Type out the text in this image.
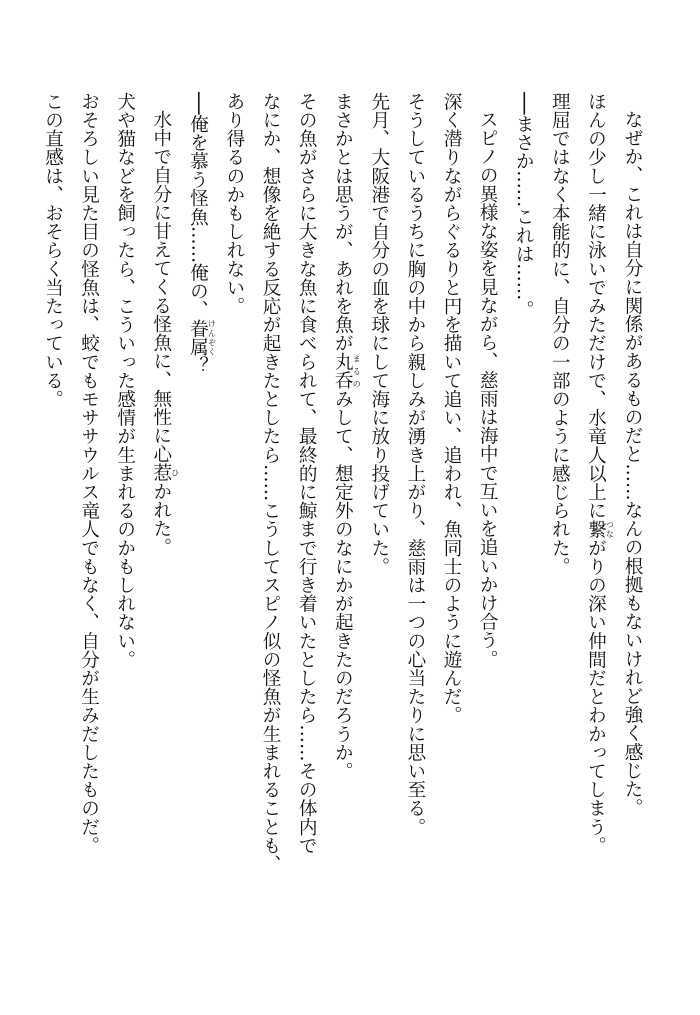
なぜか、これは自分に関係があるものだと……なんの根拠もないけれど強く感じた。

ほんの少し一緒に泳いでみただけで、水竜人以上に繋 つながりの深い仲間だとわかってしまう。

理屈ではなく本能的に、自分の一部のように感じられた。

──まさか……これは……。

スピノの異様な姿を見ながら、慈雨は海中で互いを追いかけ合う。

深く潜りながらぐるりと円を描いて追い、追われ、魚同士のように遊んだ。

そうしているうちに胸の中から親しみが湧き上がり、慈雨は一つの心当たりに思い至る。

先月、大阪港で自分の血を球にして海に放り投げていた。

まさかとは思うが、あれを魚が丸呑 まるのみして、想定外のなにかが起きたのだろうか。

その魚がさらに大きな魚に食べられて、最終的に鯨まで行き着いたとしたら……その体内で

なにか、想像を絶する反応が起きたとしたら……こうしてスピノ似の怪魚が生まれることも、

あり得るのかもしれない。

──俺を慕う怪魚……俺の、眷属 けんぞく？

水中で自分に甘えてくる怪魚に、無性に心惹 ひかれた。

犬や猫などを飼ったら、こういった感情が生まれるのかもしれない。

おそろしい見た目の怪魚は、蛟でもモササウルス竜人でもなく、自分が生みだしたものだ。

この直感は、おそらく当たっている。
